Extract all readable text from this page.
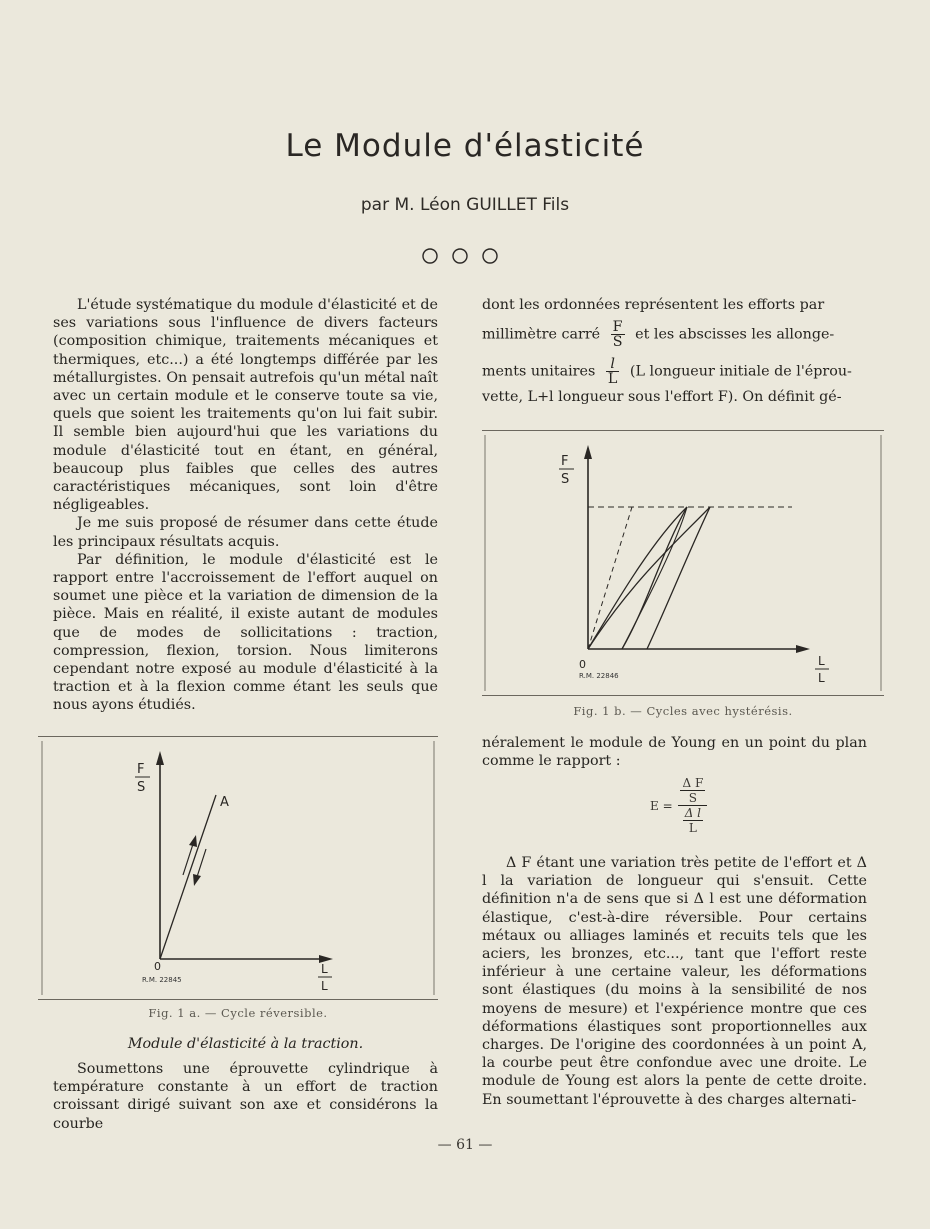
Le Module d'élasticité
par M. Léon GUILLET Fils

L'étude systématique du module d'élasticité et de ses variations sous l'influence de divers facteurs (composition chimique, traitements mécaniques et thermiques, etc...) a été longtemps différée par les métallurgistes. On pensait autrefois qu'un métal naît avec un certain module et le conserve toute sa vie, quels que soient les traitements qu'on lui fait subir. Il semble bien aujourd'hui que les variations du module d'élasticité tout en étant, en général, beaucoup plus faibles que celles des autres caractéristiques mécaniques, sont loin d'être négligeables.

Je me suis proposé de résumer dans cette étude les principaux résultats acquis.

Par définition, le module d'élasticité est le rapport entre l'accroissement de l'effort auquel on soumet une pièce et la variation de dimension de la pièce. Mais en réalité, il existe autant de modules que de modes de sollicitations : traction, compression, flexion, torsion. Nous limiterons cependant notre exposé au module d'élasticité à la traction et à la flexion comme étant les seuls que nous ayons étudiés.

F
S
A
0	L
L
R.M. 22845
Fig. 1 a. — Cycle réversible.
Module d'élasticité à la traction.

Soumettons une éprouvette cylindrique à température constante à un effort de traction croissant dirigé suivant son axe et considérons la courbe

dont les ordonnées représentent les efforts par

millimètre carré $\frac{F}{S}$ et les abscisses les allonge-

ments unitaires $\frac{l}{L} (L$ longueur initiale de l'éprou-

vette, L+l longueur sous l'effort F). On définit gé-

F
S
0
R.M. 22846
L
L
Fig. 1 b. — Cycles avec hystérésis.

néralement le module de Young en un point du plan comme le rapport :

$E = \frac{\frac{\text{Δ F}}{S}}{\frac{\text{Δ l}}{L}}$

Δ F étant une variation très petite de l'effort et Δ l la variation de longueur qui s'ensuit. Cette définition n'a de sens que si Δ l est une déformation élastique, c'est-à-dire réversible. Pour certains métaux ou alliages laminés et recuits tels que les aciers, les bronzes, etc..., tant que l'effort reste inférieur à une certaine valeur, les déformations sont élastiques (du moins à la sensibilité de nos moyens de mesure) et l'expérience montre que ces déformations élastiques sont proportionnelles aux charges. De l'origine des coordonnées à un point A, la courbe peut être confondue avec une droite. Le module de Young est alors la pente de cette droite. En soumettant l'éprouvette à des charges alternati-

— 61 —
